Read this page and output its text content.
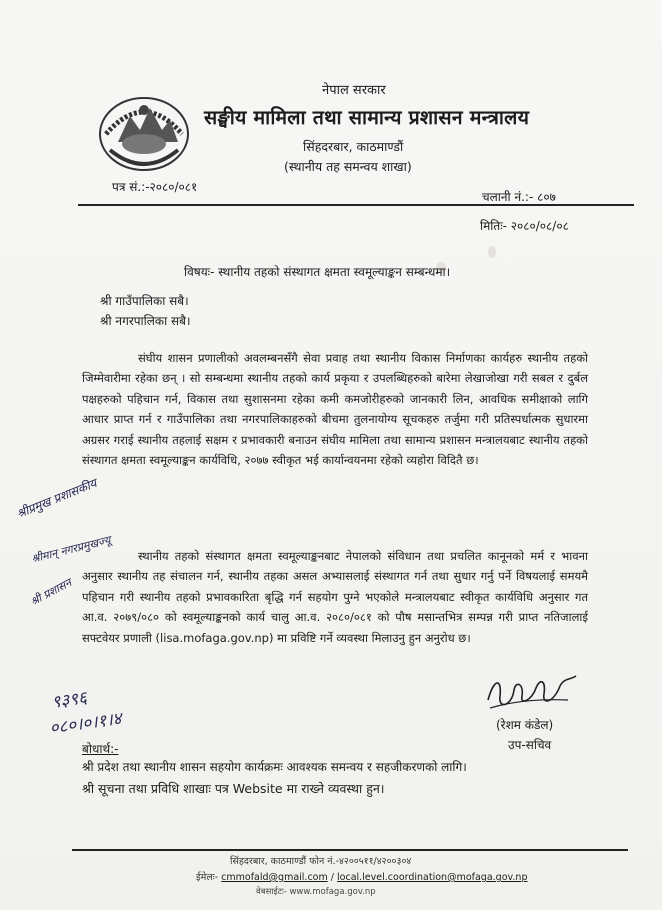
नेपाल सरकार
सङ्घीय मामिला तथा सामान्य प्रशासन मन्त्रालय
सिंहदरबार, काठमाण्डौं
(स्थानीय तह समन्वय शाखा)
पत्र सं.:-२०८०/०८१
चलानी नं.:- ८०७
मितिः- २०८०/०८/०८
विषयः- स्थानीय तहको संस्थागत क्षमता स्वमूल्याङ्कन सम्बन्धमा।
श्री गाउँपालिका सबै।
श्री नगरपालिका सबै।
संघीय शासन प्रणालीको अवलम्बनसँगै सेवा प्रवाह तथा स्थानीय विकास निर्माणका कार्यहरु स्थानीय तहको जिम्मेवारीमा रहेका छन् । सो सम्बन्धमा स्थानीय तहको कार्य प्रकृया र उपलब्धिहरुको बारेमा लेखाजोखा गरी सबल र दुर्बल पक्षहरुको पहिचान गर्न, विकास तथा सुशासनमा रहेका कमी कमजोरीहरुको जानकारी लिन, आवधिक समीक्षाको लागि आधार प्राप्त गर्न र गाउँपालिका तथा नगरपालिकाहरुको बीचमा तुलनायोग्य सूचकहरु तर्जुमा गरी प्रतिस्पर्धात्मक सुधारमा अग्रसर गराई स्थानीय तहलाई सक्षम र प्रभावकारी बनाउन संघीय मामिला तथा सामान्य प्रशासन मन्त्रालयबाट स्थानीय तहको संस्थागत क्षमता स्वमूल्याङ्कन कार्यविधि, २०७७ स्वीकृत भई कार्यान्वयनमा रहेको व्यहोरा विदितै छ।
स्थानीय तहको संस्थागत क्षमता स्वमूल्याङ्कनबाट नेपालको संविधान तथा प्रचलित कानूनको मर्म र भावना अनुसार स्थानीय तह संचालन गर्न, स्थानीय तहका असल अभ्यासलाई संस्थागत गर्न तथा सुधार गर्नु पर्ने विषयलाई समयमै पहिचान गरी स्थानीय तहको प्रभावकारिता बृद्धि गर्न सहयोग पुग्ने भएकोले मन्त्रालयबाट स्वीकृत कार्यविधि अनुसार गत आ.व. २०७९/०८० को स्वमूल्याङ्कनको कार्य चालु आ.व. २०८०/०८१ को पौष मसान्तभित्र सम्पन्न गरी प्राप्त नतिजालाई सफ्टवेयर प्रणाली (lisa.mofaga.gov.np) मा प्रविष्टि गर्ने व्यवस्था मिलाउनु हुन अनुरोध छ।
श्रीप्रमुख प्रशासकीय
श्रीमान् नगरप्रमुखज्यू
श्री प्रशासन
९३९६
०८०।०।१।४	(रेशम कंडेल)
उप-सचिव
बोधार्थ:-
श्री प्रदेश तथा स्थानीय शासन सहयोग कार्यक्रमः आवश्यक समन्वय र सहजीकरणको लागि।
श्री सूचना तथा प्रविधि शाखाः पत्र Website मा राख्ने व्यवस्था हुन।
सिंहदरबार, काठमाण्डौं फोन नं.-४२००५११/४२००३०४
ईमेलः- cmmofald@gmail.com / local.level.coordination@mofaga.gov.np
वेबसाईटः- www.mofaga.gov.np
